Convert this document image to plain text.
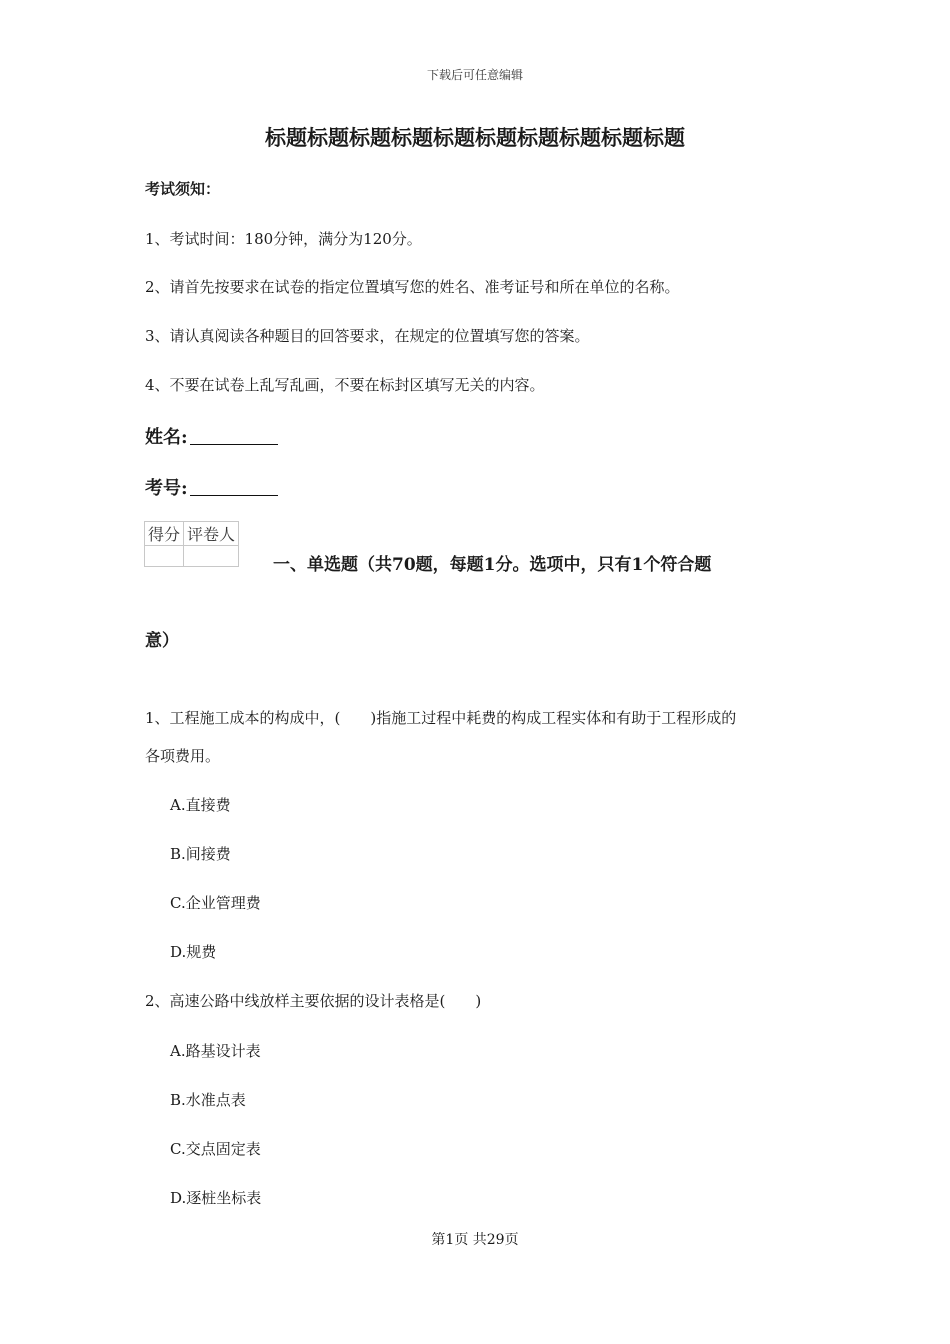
下载后可任意编辑
标题标题标题标题标题标题标题标题标题标题
考试须知：
1、考试时间：180分钟，满分为120分。
2、请首先按要求在试卷的指定位置填写您的姓名、准考证号和所在单位的名称。
3、请认真阅读各种题目的回答要求，在规定的位置填写您的答案。
4、不要在试卷上乱写乱画，不要在标封区填写无关的内容。
姓名:
考号:
得分	评卷人

一、单选题（共70题，每题1分。选项中，只有1个符合题
意）
1、工程施工成本的构成中，(　　)指施工过程中耗费的构成工程实体和有助于工程形成的
各项费用。
A.直接费
B.间接费
C.企业管理费
D.规费
2、高速公路中线放样主要依据的设计表格是(　　)
A.路基设计表
B.水准点表
C.交点固定表
D.逐桩坐标表
第1页 共29页
